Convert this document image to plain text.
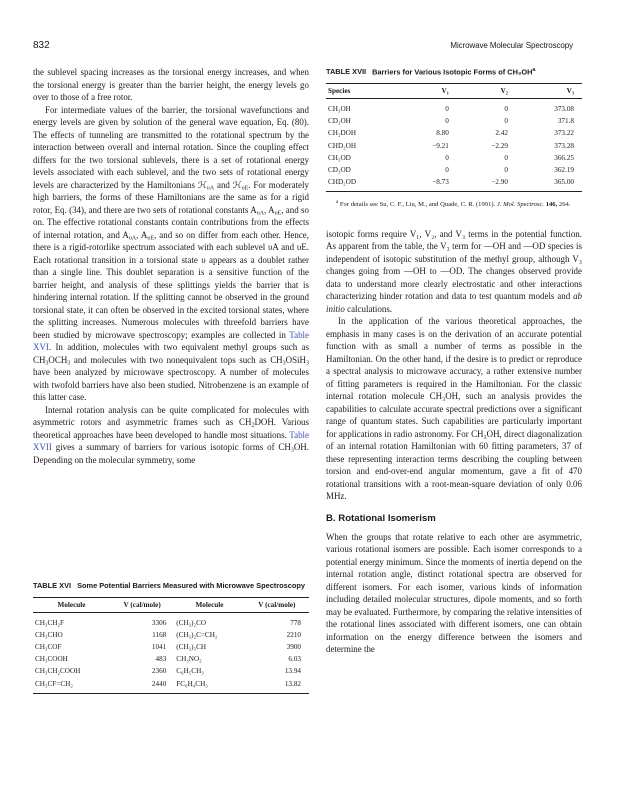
832	Microwave Molecular Spectroscopy

the sublevel spacing increases as the torsional energy increases, and when the torsional energy is greater than the barrier height, the energy levels go over to those of a free rotor.

For intermediate values of the barrier, the torsional wavefunctions and energy levels are given by solution of the general wave equation, Eq. (80). The effects of tunneling are transmitted to the rotational spectrum by the interaction between overall and internal rotation. Since the coupling effect differs for the two torsional sublevels, there is a set of rotational energy levels associated with each sublevel, and the two sets of rotational energy levels are characterized by the Hamiltonians ℋ$_{\upsilon A}$ and ℋ$_{\upsilon E}$. For moderately high barriers, the forms of these Hamiltonians are the same as for a rigid rotor, Eq. (34), and there are two sets of rotational constants $A_{\upsilon A}$, $A_{\upsilon E}$, and so on. The effective rotational constants contain contributions from the effects of internal rotation, and $A_{\upsilon A}$, $A_{\upsilon E}$, and so on differ from each other. Hence, there is a rigid-rotorlike spectrum associated with each sublevel υA and υE. Each rotational transition in a torsional state υ appears as a doublet rather than a single line. This doublet separation is a sensitive function of the barrier height, and analysis of these splittings yields the barrier that is hindering internal rotation. If the splitting cannot be observed in the ground torsional state, it can often be observed in the excited torsional states, where the splitting increases. Numerous molecules with threefold barriers have been studied by microwave spectroscopy; examples are collected in Table XVI. In addition, molecules with two equivalent methyl groups such as $CH_3OCH_3$ and molecules with two nonequivalent tops such as $CH_3OSiH_3$ have been analyzed by microwave spectroscopy. A number of molecules with twofold barriers have also been studied. Nitrobenzene is an example of this latter case.

Internal rotation analysis can be quite complicated for molecules with asymmetric rotors and asymmetric frames such as $CH_2DOH$. Various theoretical approaches have been developed to handle most situations. Table XVII gives a summary of barriers for various isotopic forms of $CH_3OH$. Depending on the molecular symmetry, some

TABLE XVI Some Potential Barriers Measured with Microwave Spectroscopy

Molecule	V (cal/mole)	Molecule	V (cal/mole)
CH₃CH₂F	3306	(CH₃)₂CO	778
CH₃CHO	1168	(CH₃)₂C=CH₂	2210
CH₃COF	1041	(CH₃)₃CH	3900
CH₃COOH	483	CH₃NO₂	6.03
CH₃CH₂COOH	2360	C₆H₅CH₃	13.94
CH₃CF=CH₂	2440	FC₆H₄CH₃	13.82

TABLE XVII Barriers for Various Isotopic Forms of $CH_3OH^a$

Species	V₁	V₂	V₃
CH₃OH	0	0	373.08
CD₃OH	0	0	371.8
CH₂DOH	8.80	2.42	373.22
CHD₂OH	−9.21	−2.29	373.28
CH₃OD	0	0	366.25
CD₃OD	0	0	362.19
CHD₂OD	−8.73	−2.90	365.00

$^a$ For details see Su, C. F., Liu, M., and Quade, C. R. (1991). J. Mol. Spectrosc. 146, 264.

isotopic forms require V₁, V₂, and V₃ terms in the potential function. As apparent from the table, the V₃ term for —OH and —OD species is independent of isotopic substitution of the methyl group, although V₃ changes going from —OH to —OD. The changes observed provide data to understand more clearly electrostatic and other interactions characterizing hinder rotation and data to test quantum models and ab initio calculations.

In the application of the various theoretical approaches, the emphasis in many cases is on the derivation of an accurate potential function with as small a number of terms as possible in the Hamiltonian. On the other hand, if the desire is to predict or reproduce a spectral analysis to microwave accuracy, a rather extensive number of fitting parameters is required in the Hamiltonian. For the classic internal rotation molecule CH₃OH, such an analysis provides the capabilities to calculate accurate spectral predictions over a significant range of quantum states. Such capabilities are particularly important for applications in radio astronomy. For CH₃OH, direct diagonalization of an internal rotation Hamiltonian with 60 fitting parameters, 37 of these representing interaction terms describing the coupling between torsion and end-over-end angular momentum, gave a fit of 470 rotational transitions with a root-mean-square deviation of only 0.06 MHz.

B. Rotational Isomerism

When the groups that rotate relative to each other are asymmetric, various rotational isomers are possible. Each isomer corresponds to a potential energy minimum. Since the moments of inertia depend on the internal rotation angle, distinct rotational spectra are observed for different isomers. For each isomer, various kinds of information including detailed molecular structures, dipole moments, and so forth may be evaluated. Furthermore, by comparing the relative intensities of the rotational lines associated with different isomers, one can obtain information on the energy difference between the isomers and determine the
